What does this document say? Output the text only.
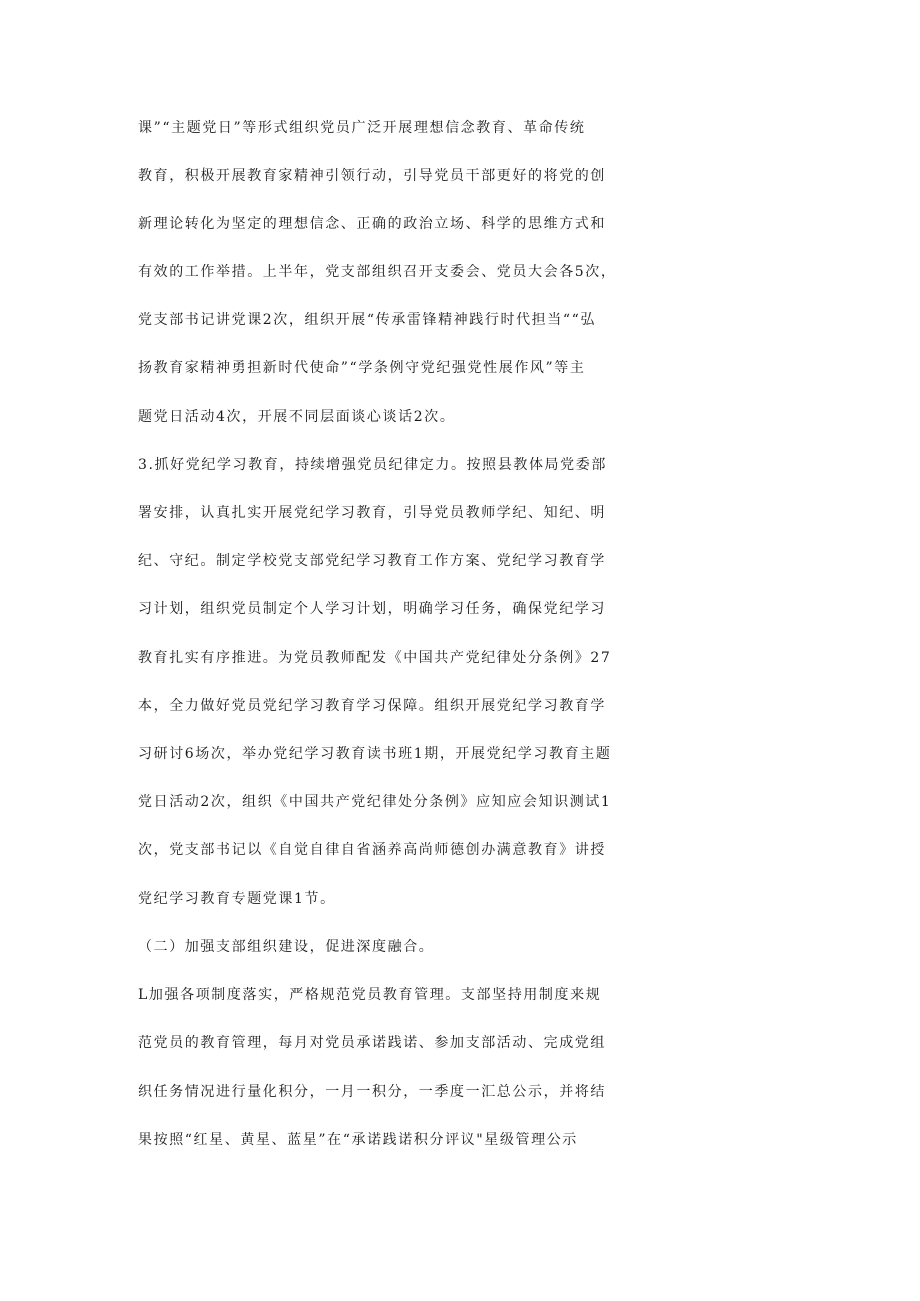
课”“主题党日”等形式组织党员广泛开展理想信念教育、革命传统
教育，积极开展教育家精神引领行动，引导党员干部更好的将党的创
新理论转化为坚定的理想信念、正确的政治立场、科学的思维方式和
有效的工作举措。上半年，党支部组织召开支委会、党员大会各5次，
党支部书记讲党课2次，组织开展“传承雷锋精神践行时代担当““弘
扬教育家精神勇担新时代使命”“学条例守党纪强党性展作风”等主
题党日活动4次，开展不同层面谈心谈话2次。
3.抓好党纪学习教育，持续增强党员纪律定力。按照县教体局党委部
署安排，认真扎实开展党纪学习教育，引导党员教师学纪、知纪、明
纪、守纪。制定学校党支部党纪学习教育工作方案、党纪学习教育学
习计划，组织党员制定个人学习计划，明确学习任务，确保党纪学习
教育扎实有序推进。为党员教师配发《中国共产党纪律处分条例》27
本，全力做好党员党纪学习教育学习保障。组织开展党纪学习教育学
习研讨6场次，举办党纪学习教育读书班1期，开展党纪学习教育主题
党日活动2次，组织《中国共产党纪律处分条例》应知应会知识测试1
次，党支部书记以《自觉自律自省涵养高尚师德创办满意教育》讲授
党纪学习教育专题党课1节。
（二）加强支部组织建设，促进深度融合。
L加强各项制度落实，严格规范党员教育管理。支部坚持用制度来规
范党员的教育管理，每月对党员承诺践诺、参加支部活动、完成党组
织任务情况进行量化积分，一月一积分，一季度一汇总公示，并将结
果按照“红星、黄星、蓝星”在“承诺践诺积分评议"星级管理公示
